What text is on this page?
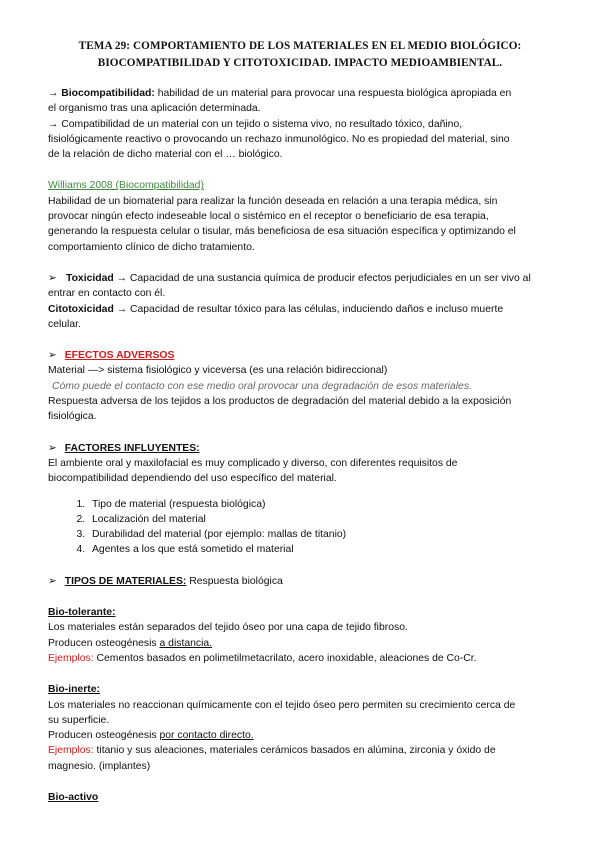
TEMA 29: COMPORTAMIENTO DE LOS MATERIALES EN EL MEDIO BIOLÓGICO:
BIOCOMPATIBILIDAD Y CITOTOXICIDAD. IMPACTO MEDIOAMBIENTAL.

→ Biocompatibilidad: habilidad de un material para provocar una respuesta biológica apropiada en

el organismo tras una aplicación determinada.

→ Compatibilidad de un material con un tejido o sistema vivo, no resultado tóxico, dañino,

fisiológicamente reactivo o provocando un rechazo inmunológico. No es propiedad del material, sino

de la relación de dicho material con el … biológico.

Williams 2008 (Biocompatibilidad)

Habilidad de un biomaterial para realizar la función deseada en relación a una terapia médica, sin

provocar ningún efecto indeseable local o sistémico en el receptor o beneficiario de esa terapia,

generando la respuesta celular o tisular, más beneficiosa de esa situación específica y optimizando el

comportamiento clínico de dicho tratamiento.

➢ Toxicidad → Capacidad de una sustancia química de producir efectos perjudiciales en un ser vivo al

entrar en contacto con él.

Citotoxicidad → Capacidad de resultar tóxico para las células, induciendo daños e incluso muerte

celular.

➢ EFECTOS ADVERSOS

Material —> sistema fisiológico y viceversa (es una relación bidireccional)

Cómo puede el contacto con ese medio oral provocar una degradación de esos materiales.

Respuesta adversa de los tejidos a los productos de degradación del material debido a la exposición

fisiológica.

➢ FACTORES INFLUYENTES:

El ambiente oral y maxilofacial es muy complicado y diverso, con diferentes requisitos de

biocompatibilidad dependiendo del uso específico del material.

1. Tipo de material (respuesta biológica)
2. Localización del material
3. Durabilidad del material (por ejemplo: mallas de titanio)
4. Agentes a los que está sometido el material

➢ TIPOS DE MATERIALES: Respuesta biológica

Bio-tolerante:

Los materiales están separados del tejido óseo por una capa de tejido fibroso.

Producen osteogénesis a distancia.

Ejemplos: Cementos basados en polimetilmetacrilato, acero inoxidable, aleaciones de Co-Cr.

Bio-inerte:

Los materiales no reaccionan químicamente con el tejido óseo pero permiten su crecimiento cerca de

su superficie.

Producen osteogénesis por contacto directo.

Ejemplos: titanio y sus aleaciones, materiales cerámicos basados en alúmina, zirconia y óxido de

magnesio. (implantes)

Bio-activo
